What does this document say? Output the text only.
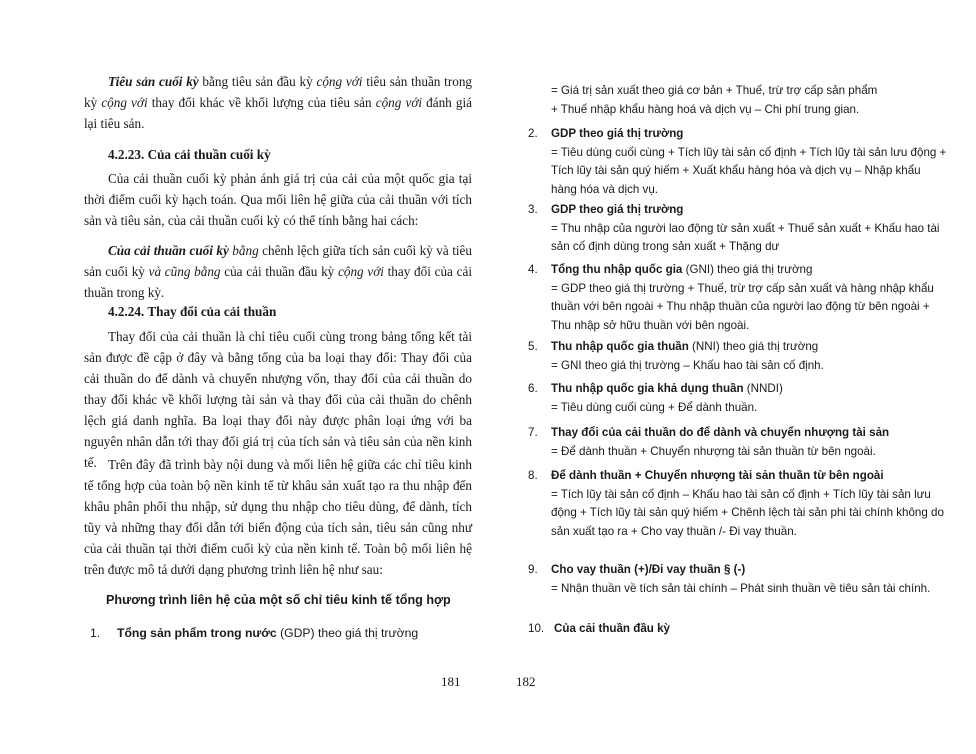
Tiêu sản cuối kỳ bằng tiêu sản đầu kỳ cộng với tiêu sản thuần trong kỳ cộng với thay đổi khác về khối lượng của tiêu sản cộng với đánh giá lại tiêu sản.
4.2.23. Của cải thuần cuối kỳ
Của cải thuần cuối kỳ phản ánh giá trị của cải của một quốc gia tại thời điểm cuối kỳ hạch toán. Qua mối liên hệ giữa của cải thuần với tích sản và tiêu sản, của cải thuần cuối kỳ có thể tính bằng hai cách:
Của cải thuần cuối kỳ bằng chênh lệch giữa tích sản cuối kỳ và tiêu sản cuối kỳ và cũng bằng của cải thuần đầu kỳ cộng với thay đổi của cải thuần trong kỳ.
4.2.24. Thay đổi của cải thuần
Thay đổi của cải thuần là chỉ tiêu cuối cùng trong bảng tổng kết tài sản được đề cập ở đây và bằng tổng của ba loại thay đổi: Thay đổi của cải thuần do để dành và chuyển nhượng vốn, thay đổi của cải thuần do thay đổi khác về khối lượng tài sản và thay đổi của cải thuần do chênh lệch giá danh nghĩa. Ba loại thay đổi này được phân loại ứng với ba nguyên nhân dẫn tới thay đổi giá trị của tích sản và tiêu sản của nền kinh tế. Trên đây đã trình bày nội dung và mối liên hệ giữa các chỉ tiêu kinh tế tổng hợp của toàn bộ nền kinh tế từ khâu sản xuất tạo ra thu nhập đến khâu phân phối thu nhập, sử dụng thu nhập cho tiêu dùng, để dành, tích tũy và những thay đổi dẫn tới biến động của tích sản, tiêu sản cũng như của cải thuần tại thời điểm cuối kỳ của nền kinh tế. Toàn bộ mối liên hệ trên được mô tả dưới dạng phương trình liên hệ như sau:
Phương trình liên hệ của một số chỉ tiêu kinh tế tổng hợp
1. Tổng sản phẩm trong nước (GDP) theo giá thị trường
181
= Giá trị sản xuất theo giá cơ bản + Thuế, trừ trợ cấp sản phẩm
+ Thuế nhập khẩu hàng hoá và dịch vụ – Chi phí trung gian.
2. GDP theo giá thị trường
= Tiêu dùng cuối cùng + Tích lũy tài sản cố định + Tích lũy tài sản lưu động + Tích lũy tài sản quý hiếm + Xuất khẩu hàng hóa và dịch vụ – Nhập khẩu hàng hóa và dịch vụ.
3. GDP theo giá thị trường
= Thu nhập của người lao động từ sản xuất + Thuế sản xuất + Khấu hao tài sản cố định dùng trong sản xuất + Thặng dư
4. Tổng thu nhập quốc gia (GNI) theo giá thị trường
= GDP theo giá thị trường + Thuế, trừ trợ cấp sản xuất và hàng nhập khẩu thuần với bên ngoài + Thu nhập thuần của người lao động từ bên ngoài + Thu nhập sở hữu thuần với bên ngoài.
5. Thu nhập quốc gia thuần (NNI) theo giá thị trường
= GNI theo giá thị trường – Khấu hao tài sản cố định.
6. Thu nhập quốc gia khả dụng thuần (NNDI)
= Tiêu dùng cuối cùng + Để dành thuần.
7. Thay đổi của cải thuần do để dành và chuyển nhượng tài sản
= Để dành thuần + Chuyển nhượng tài sản thuần từ bên ngoài.
8. Để dành thuần + Chuyển nhượng tài sản thuần từ bên ngoài
= Tích lũy tài sản cố định – Khấu hao tài sản cố định + Tích lũy tài sản lưu động + Tích lũy tài sản quý hiếm + Chênh lệch tài sản phi tài chính không do sản xuất tạo ra + Cho vay thuần /- Đi vay thuần.
9. Cho vay thuần (+)/Đi vay thuần § (-)
= Nhận thuần về tích sản tài chính – Phát sinh thuần về tiêu sản tài chính.
10. Của cải thuần đầu kỳ
182
